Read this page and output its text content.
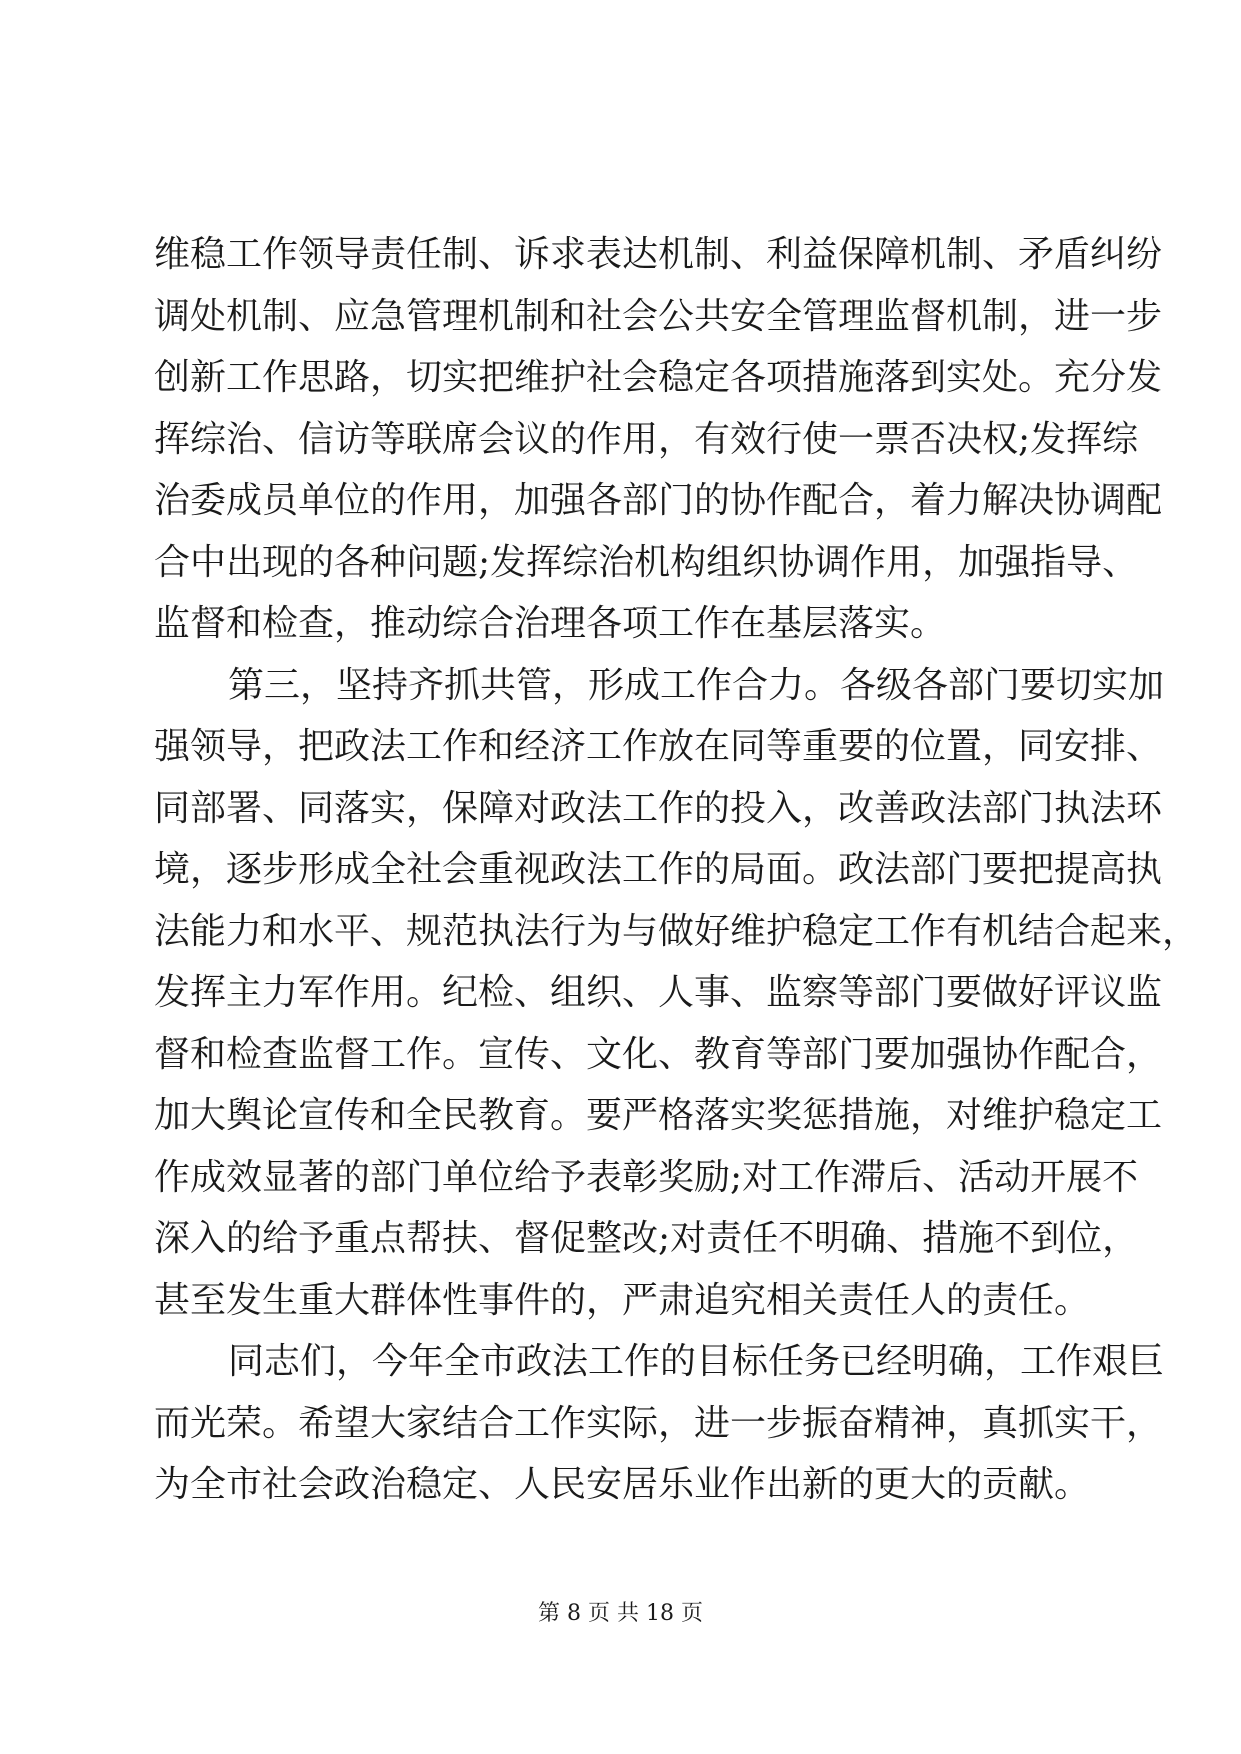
维稳工作领导责任制、诉求表达机制、利益保障机制、矛盾纠纷
调处机制、应急管理机制和社会公共安全管理监督机制，进一步
创新工作思路，切实把维护社会稳定各项措施落到实处。充分发
挥综治、信访等联席会议的作用，有效行使一票否决权;发挥综
治委成员单位的作用，加强各部门的协作配合，着力解决协调配
合中出现的各种问题;发挥综治机构组织协调作用，加强指导、
监督和检查，推动综合治理各项工作在基层落实。
第三，坚持齐抓共管，形成工作合力。各级各部门要切实加
强领导，把政法工作和经济工作放在同等重要的位置，同安排、
同部署、同落实，保障对政法工作的投入，改善政法部门执法环
境，逐步形成全社会重视政法工作的局面。政法部门要把提高执
法能力和水平、规范执法行为与做好维护稳定工作有机结合起来，
发挥主力军作用。纪检、组织、人事、监察等部门要做好评议监
督和检查监督工作。宣传、文化、教育等部门要加强协作配合，
加大舆论宣传和全民教育。要严格落实奖惩措施，对维护稳定工
作成效显著的部门单位给予表彰奖励;对工作滞后、活动开展不
深入的给予重点帮扶、督促整改;对责任不明确、措施不到位，
甚至发生重大群体性事件的，严肃追究相关责任人的责任。
同志们，今年全市政法工作的目标任务已经明确，工作艰巨
而光荣。希望大家结合工作实际，进一步振奋精神，真抓实干，
为全市社会政治稳定、人民安居乐业作出新的更大的贡献。
第 8 页 共 18 页
